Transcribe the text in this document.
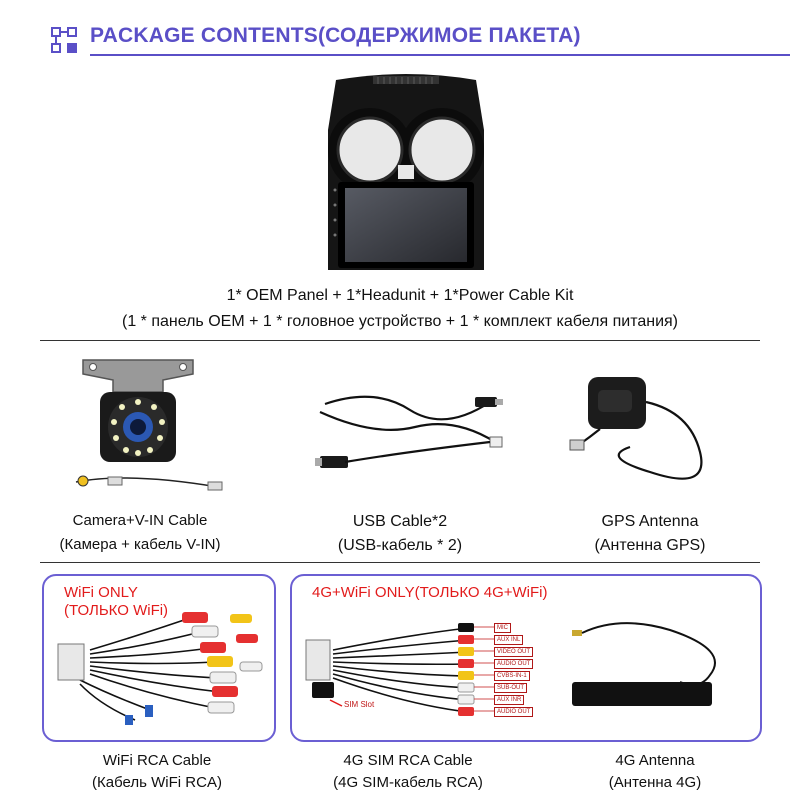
PACKAGE CONTENTS(СОДЕРЖИМОЕ ПАКЕТА)
1* OEM Panel + 1*Headunit + 1*Power Cable Kit
(1 * панель OEM + 1 * головное устройство + 1 * комплект кабеля питания)
Camera+V-IN Cable
(Камера + кабель V-IN)
USB Cable*2
(USB-кабель * 2)
GPS Antenna
(Антенна GPS)
WiFi ONLY
(ТОЛЬКО WiFi)
WiFi RCA Cable
(Кабель WiFi RCA)
4G+WiFi ONLY(ТОЛЬКО 4G+WiFi)
MIC
AUX INL
VIDEO OUT
AUDIO OUT
CVBS-IN-1
SUB-OUT
AUX INR
AUDIO OUT
SIM Slot
4G SIM RCA Cable
(4G SIM-кабель RCA)
4G Antenna
(Антенна 4G)
